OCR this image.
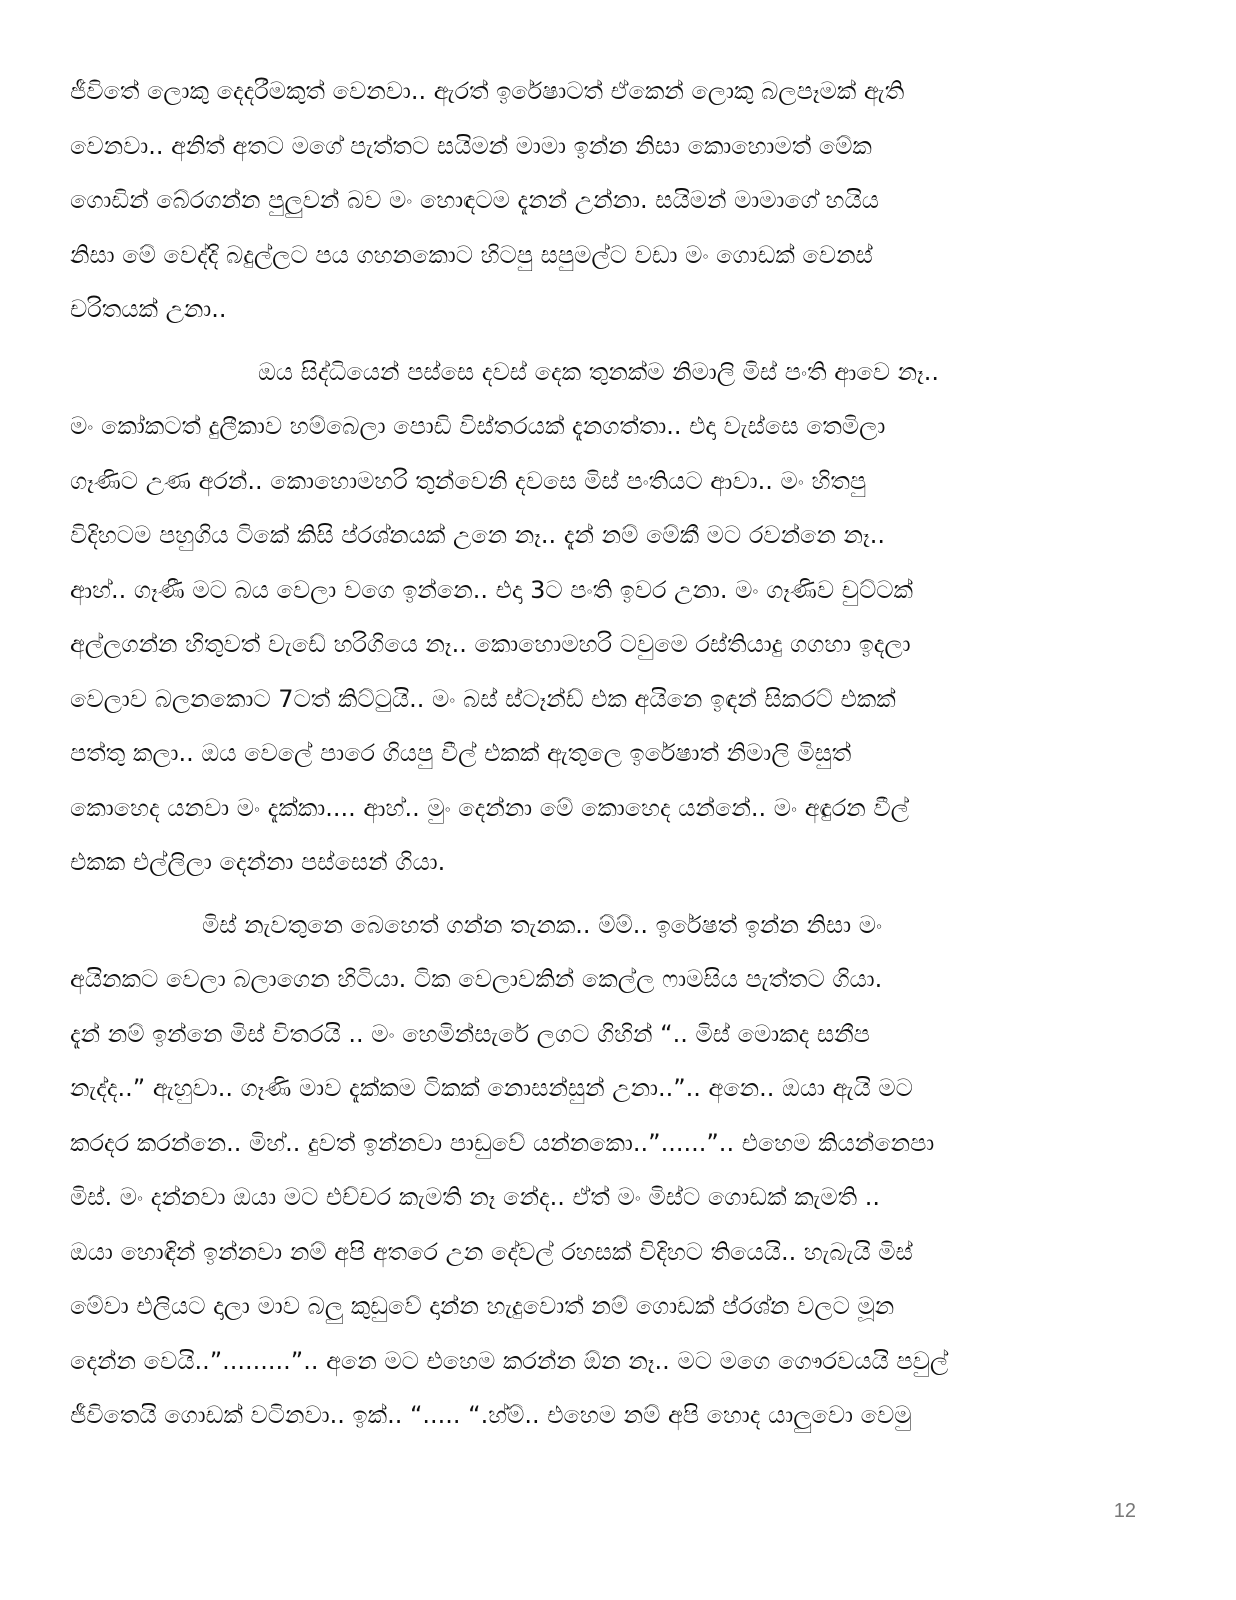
ජීවිතේ ලොකු දෙදරීමකුත් වෙනවා.. ඇරත් ඉරේෂාටත් ඒකෙන් ලොකු බලපෑමක් ඇති
වෙනවා.. අනිත් අතට මගේ පැත්තට සයිමන් මාමා ඉන්න නිසා කොහොමත් මේක
ගොඩින් බේරගන්න පුලුවන් බව මං හොඳටම දැනන් උන්නා. සයිමන් මාමාගේ හයිය
නිසා මේ වෙද්දි බදුල්ලට පය ගහනකොට හිටපු සපුමල්ට වඩා මං ගොඩක් වෙනස්
චරිතයක් උනා..

ඔය සිද්ධියෙන් පස්සෙ දවස් දෙක තුනක්ම නිමාලි මිස් පංති ආවෙ නෑ..
මං කෝකටත් දුලීකාව හම්බෙලා පොඩි විස්තරයක් දැනගත්තා.. එදා වැස්සෙ තෙමිලා
ගෑණිට උණ අරන්.. කොහොමහරි තුන්වෙනි දවසෙ මිස් පංතියට ආවා.. මං හිතපු
විදිහටම පහුගිය ටිකේ කිසි ප්රශ්නයක් උනෙ නෑ.. දැන් නම් මේකී මට රවන්නෙ නෑ..
ආහ්.. ගෑණී මට බය වෙලා වගෙ ඉන්නෙ.. එදා 3ට පංති ඉවර උනා. මං ගෑණිව චුට්ටක්
අල්ලගන්න හිතුවත් වැඩේ හරිගියෙ නෑ.. කොහොමහරි ටවුමෙ රස්තියාදු ගගහා ඉදලා
වෙලාව බලනකොට 7ටත් කිට්ටුයි.. මං බස් ස්ටෑන්ඩ් එක අයිනෙ ඉඳන් සිකරට් එකක්
පත්තු කලා.. ඔය වෙලේ පාරෙ ගියපු වීල් එකක් ඇතුලෙ ඉරේෂාත් නිමාලි මිසුත්
කොහෙද යනවා මං දැක්කා.... ආහ්.. මුං දෙන්නා මේ කොහෙද යන්නේ.. මං අඳුරන වීල්
එකක එල්ලිලා දෙන්නා පස්සෙන් ගියා.

මිස් නැවතුනෙ බෙහෙත් ගන්න තැනක.. ම්ම්.. ඉරේෂත් ඉන්න නිසා මං
අයිනකට වෙලා බලාගෙන හිටියා. ටික වෙලාවකින් කෙල්ල ෆාමසිය පැත්තට ගියා.
දැන් නම් ඉන්නෙ මිස් විතරයි .. මං හෙමින්සැරේ ලගට ගිහින් “.. මිස් මොකද සනීප
නැද්ද..” ඇහුවා.. ගෑණි මාව දැක්කම ටිකක් නොසන්සුන් උනා..”.. අනෙ.. ඔයා ඇයි මට
කරදර කරන්නෙ.. මිහ්.. දුවත් ඉන්නවා පාඩුවේ යන්නකො..”......”.. එහෙම කියන්නෙපා
මිස්. මං දන්නවා ඔයා මට එච්චර කැමති නෑ නේද.. ඒත් මං මිස්ට ගොඩක් කැමති ..
ඔයා හොඳින් ඉන්නවා නම් අපි අතරෙ උන දේවල් රහසක් විදිහට තියෙයි.. හැබැයි මිස්
මේවා එලියට දාලා මාව බලු කුඩුවේ දාන්න හැදුවොත් නම් ගොඩක් ප්රශ්න වලට මූන
දෙන්න වෙයි..”.........”.. අනෙ මට එහෙම කරන්න ඕන නෑ.. මට මගෙ ගෞරවයයි පවුල්
ජීවිතෙයි ගොඩක් වටිනවා.. ඉක්.. “..... “.හ්ම්.. එහෙම නම් අපි හොද යාලුවො වෙමු

12
